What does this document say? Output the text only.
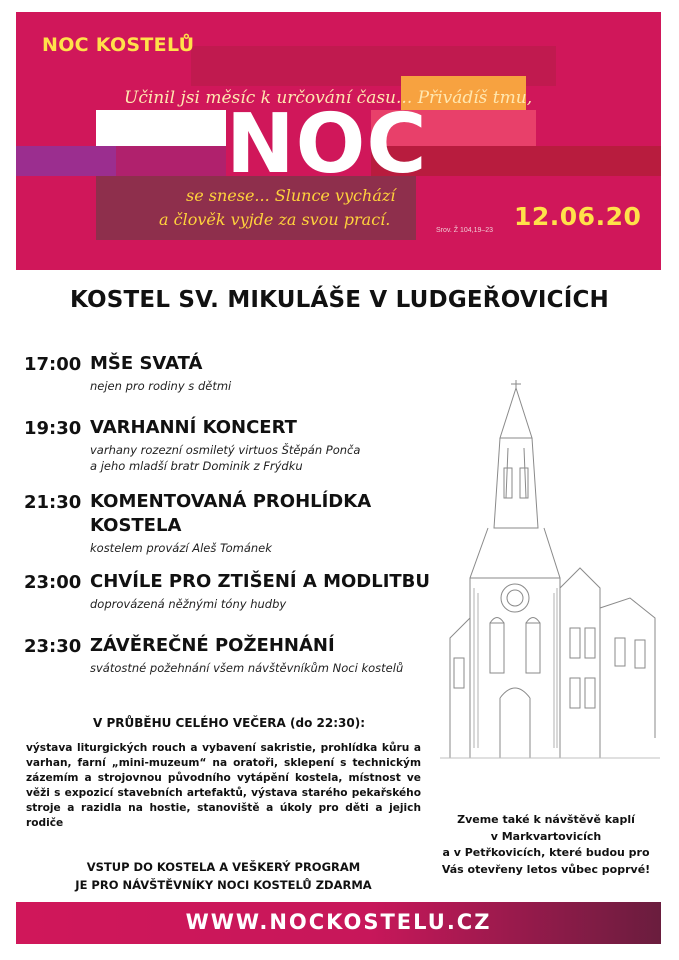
NOC KOSTELŮ
Učinil jsi měsíc k určování času... Přivádíš tmu,
NOC
se snese... Slunce vychází
a člověk vyjde za svou prací.
Srov. Ž 104,19–23 12.06.20
KOSTEL SV. MIKULÁŠE V LUDGEŘOVICÍCH
17:00 MŠE SVATÁ
nejen pro rodiny s dětmi
19:30 VARHANNÍ KONCERT
varhany rozezní osmiletý virtuos Štěpán Ponča
a jeho mladší bratr Dominik z Frýdku
21:30 KOMENTOVANÁ PROHLÍDKA KOSTELA
kostelem provází Aleš Tománek
23:00 CHVÍLE PRO ZTIŠENÍ A MODLITBU
doprovázená něžnými tóny hudby
23:30 ZÁVĚREČNÉ POŽEHNÁNÍ
svátostné požehnání všem návštěvníkům Noci kostelů
V PRŮBĚHU CELÉHO VEČERA (do 22:30):
výstava liturgických rouch a vybavení sakristie, prohlídka kůru a varhan, farní „mini-muzeum“ na oratoři, sklepení s technickým zázemím a strojovnou původního vytápění kostela, místnost ve věži s expozicí stavebních artefaktů, výstava starého pekařského stroje a razidla na hostie, stanoviště a úkoly pro děti a jejich rodiče
VSTUP DO KOSTELA A VEŠKERÝ PROGRAM
JE PRO NÁVŠTĚVNÍKY NOCI KOSTELŮ ZDARMA
Zveme také k návštěvě kaplí
v Markvartovicích
a v Petřkovicích, které budou pro
Vás otevřeny letos vůbec poprvé!
WWW.NOCKOSTELU.CZ
